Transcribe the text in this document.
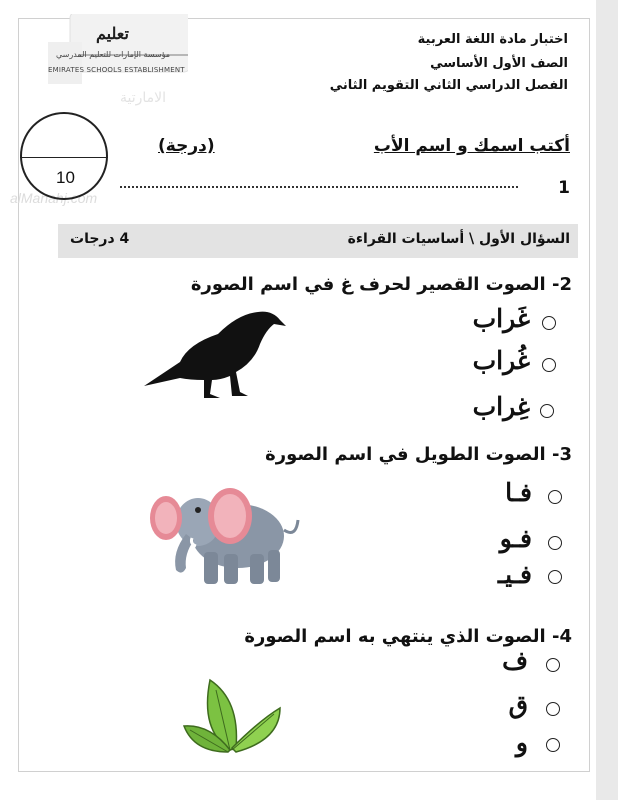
تعليم
مؤسسة الإمارات للتعليم المدرسي
EMIRATES SCHOOLS ESTABLISHMENT
الامارتية
alManahj.com
اختبار مادة اللغة العربية
الصف الأول الأساسي
الفصل الدراسي الثاني التقويم الثاني
10
أكتب اسمك و اسم الأب
(درجة)
1
السؤال الأول \ أساسيات القراءة
4 درجات
2- الصوت القصير لحرف غ في اسم الصورة
غَراب
غُراب
غِراب
3- الصوت الطويل في اسم الصورة
فـا
فـو
فـيـ
4- الصوت الذي ينتهي به اسم الصورة
ف
ق
و
